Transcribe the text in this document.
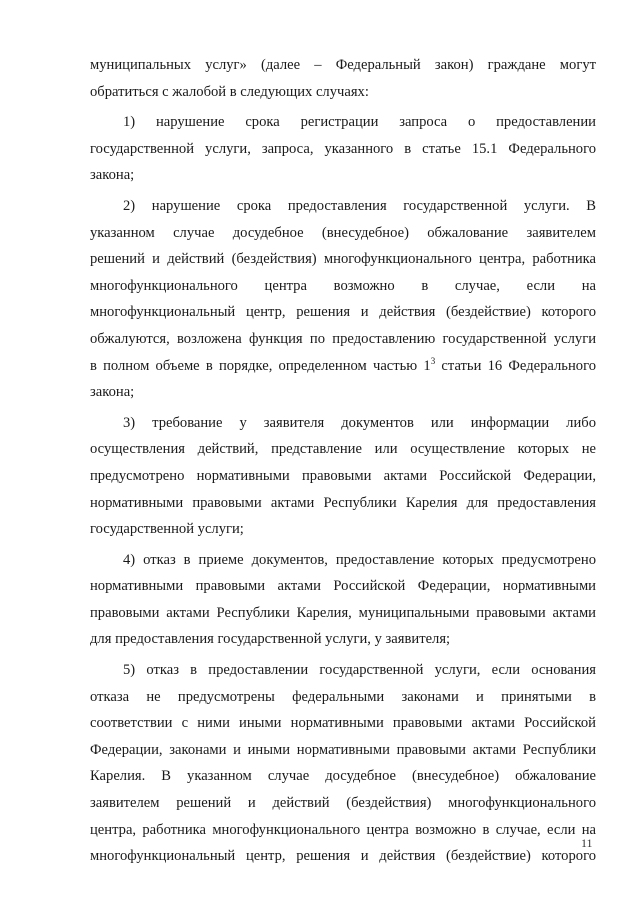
муниципальных услуг» (далее – Федеральный закон) граждане могут
обратиться с жалобой в следующих случаях:
1) нарушение срока регистрации запроса о предоставлении
государственной услуги, запроса, указанного в статье 15.1 Федерального
закона;
2) нарушение срока предоставления государственной услуги. В
указанном случае досудебное (внесудебное) обжалование заявителем
решений и действий (бездействия) многофункционального центра, работника
многофункционального центра возможно в случае, если на
многофункциональный центр, решения и действия (бездействие) которого
обжалуются, возложена функция по предоставлению государственной услуги
в полном объеме в порядке, определенном частью $1^3$ статьи 16 Федерального
закона;
3) требование у заявителя документов или информации либо
осуществления действий, представление или осуществление которых не
предусмотрено нормативными правовыми актами Российской Федерации,
нормативными правовыми актами Республики Карелия для предоставления
государственной услуги;
4) отказ в приеме документов, предоставление которых предусмотрено
нормативными правовыми актами Российской Федерации, нормативными
правовыми актами Республики Карелия, муниципальными правовыми актами
для предоставления государственной услуги, у заявителя;
5) отказ в предоставлении государственной услуги, если основания
отказа не предусмотрены федеральными законами и принятыми в
соответствии с ними иными нормативными правовыми актами Российской
Федерации, законами и иными нормативными правовыми актами Республики
Карелия. В указанном случае досудебное (внесудебное) обжалование
заявителем решений и действий (бездействия) многофункционального
центра, работника многофункционального центра возможно в случае, если на
многофункциональный центр, решения и действия (бездействие) которого
11
